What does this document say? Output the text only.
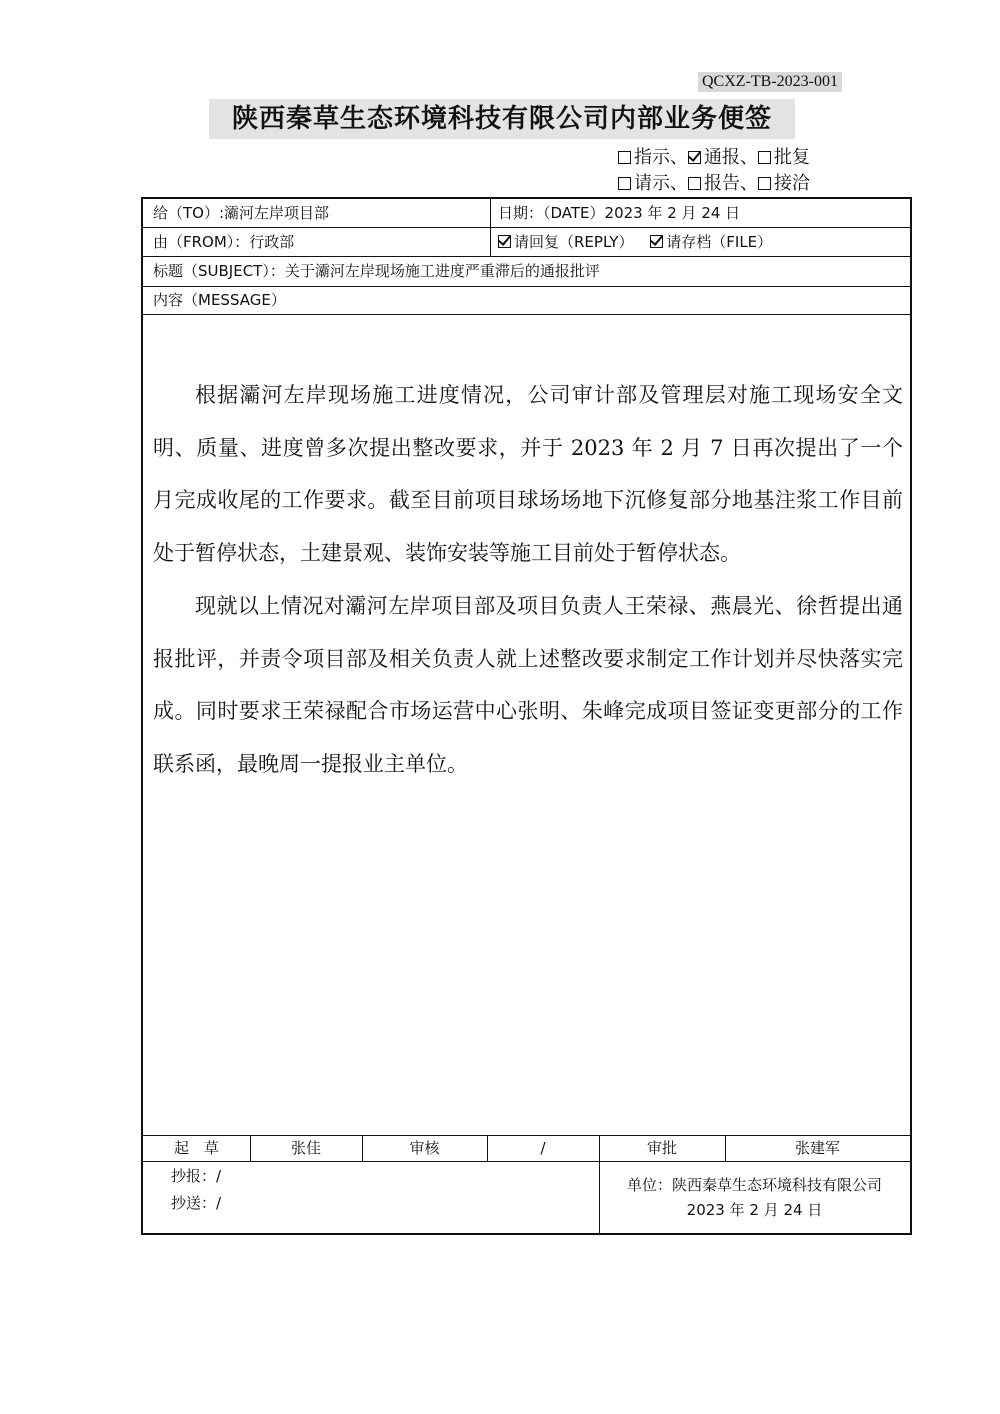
QCXZ-TB-2023-001
陕西秦草生态环境科技有限公司内部业务便签
指示、 通报、 批复
请示、 报告、 接洽
给（TO）:灞河左岸项目部	日期：（DATE）2023 年 2 月 24 日
由（FROM）：行政部	请回复（REPLY） 请存档（FILE）
标题（SUBJECT）：关于灞河左岸现场施工进度严重滞后的通报批评
内容（MESSAGE）

根据灞河左岸现场施工进度情况，公司审计部及管理层对施工现场安全文明、质量、进度曾多次提出整改要求，并于 2023 年 2 月 7 日再次提出了一个月完成收尾的工作要求。截至目前项目球场场地下沉修复部分地基注浆工作目前处于暂停状态，土建景观、装饰安装等施工目前处于暂停状态。

现就以上情况对灞河左岸项目部及项目负责人王荣禄、燕晨光、徐哲提出通报批评，并责令项目部及相关负责人就上述整改要求制定工作计划并尽快落实完成。同时要求王荣禄配合市场运营中心张明、朱峰完成项目签证变更部分的工作联系函，最晚周一提报业主单位。

起　草	张佳	审核	/	审批	张建军
抄报：/
抄送：/
单位：陕西秦草生态环境科技有限公司
2023 年 2 月 24 日
